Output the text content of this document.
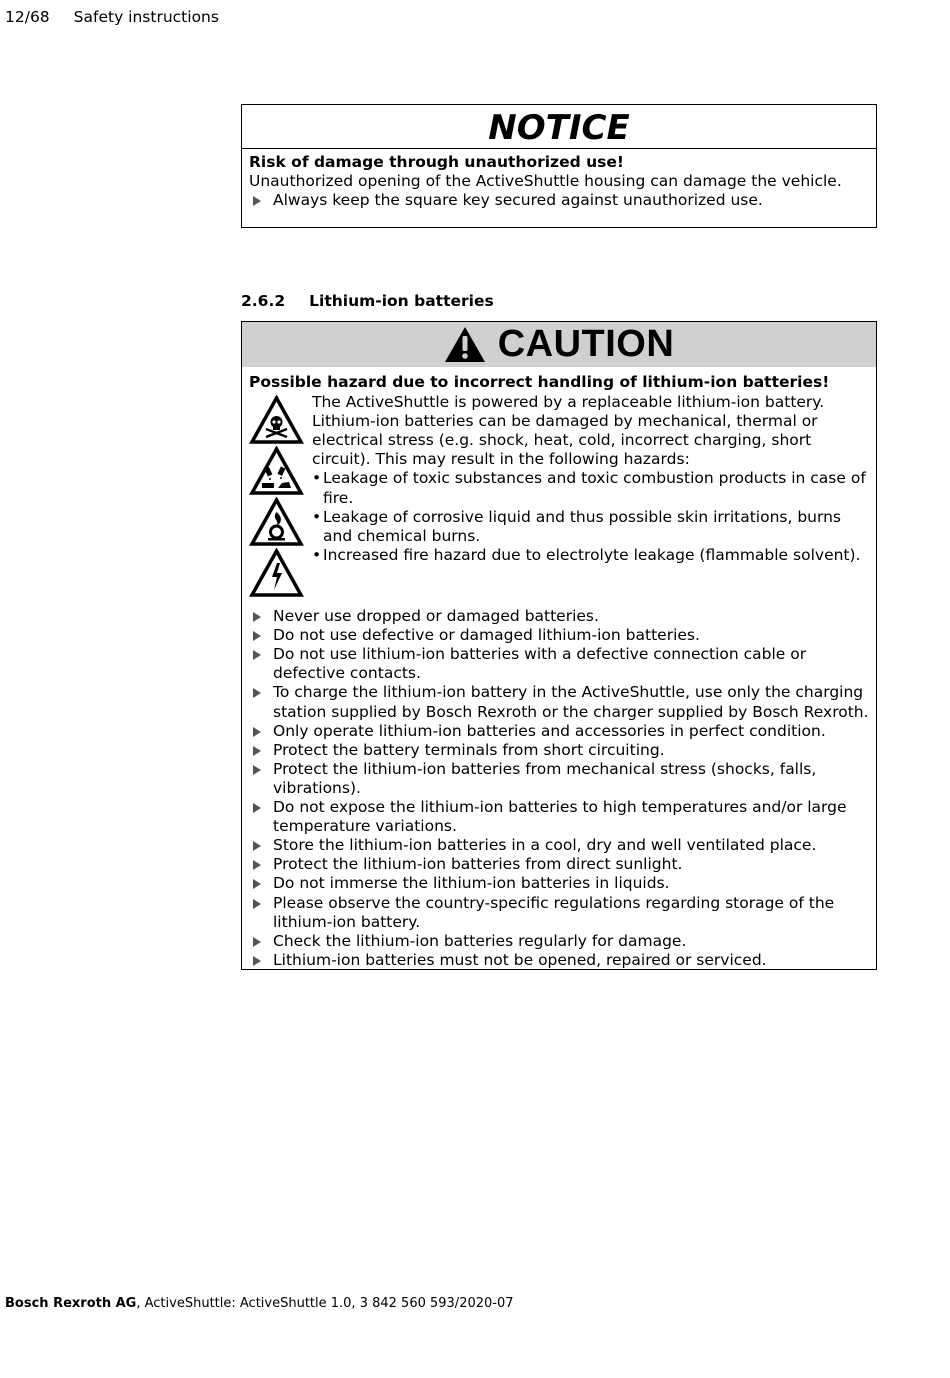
12/68 Safety instructions
NOTICE
Risk of damage through unauthorized use!
Unauthorized opening of the ActiveShuttle housing can damage the vehicle.
Always keep the square key secured against unauthorized use.
2.6.2 Lithium-ion batteries
CAUTION
Possible hazard due to incorrect handling of lithium-ion batteries!
The ActiveShuttle is powered by a replaceable lithium-ion battery. Lithium-ion batteries can be damaged by mechanical, thermal or electrical stress (e.g. shock, heat, cold, incorrect charging, short circuit). This may result in the following hazards:
• Leakage of toxic substances and toxic combustion products in case of fire.
• Leakage of corrosive liquid and thus possible skin irritations, burns and chemical burns.
• Increased fire hazard due to electrolyte leakage (flammable solvent).
Never use dropped or damaged batteries.
Do not use defective or damaged lithium-ion batteries.
Do not use lithium-ion batteries with a defective connection cable or defective contacts.
To charge the lithium-ion battery in the ActiveShuttle, use only the charging station supplied by Bosch Rexroth or the charger supplied by Bosch Rexroth.
Only operate lithium-ion batteries and accessories in perfect condition.
Protect the battery terminals from short circuiting.
Protect the lithium-ion batteries from mechanical stress (shocks, falls, vibrations).
Do not expose the lithium-ion batteries to high temperatures and/or large temperature variations.
Store the lithium-ion batteries in a cool, dry and well ventilated place.
Protect the lithium-ion batteries from direct sunlight.
Do not immerse the lithium-ion batteries in liquids.
Please observe the country-specific regulations regarding storage of the lithium-ion battery.
Check the lithium-ion batteries regularly for damage.
Lithium-ion batteries must not be opened, repaired or serviced.
Bosch Rexroth AG, ActiveShuttle: ActiveShuttle 1.0, 3 842 560 593/2020-07
